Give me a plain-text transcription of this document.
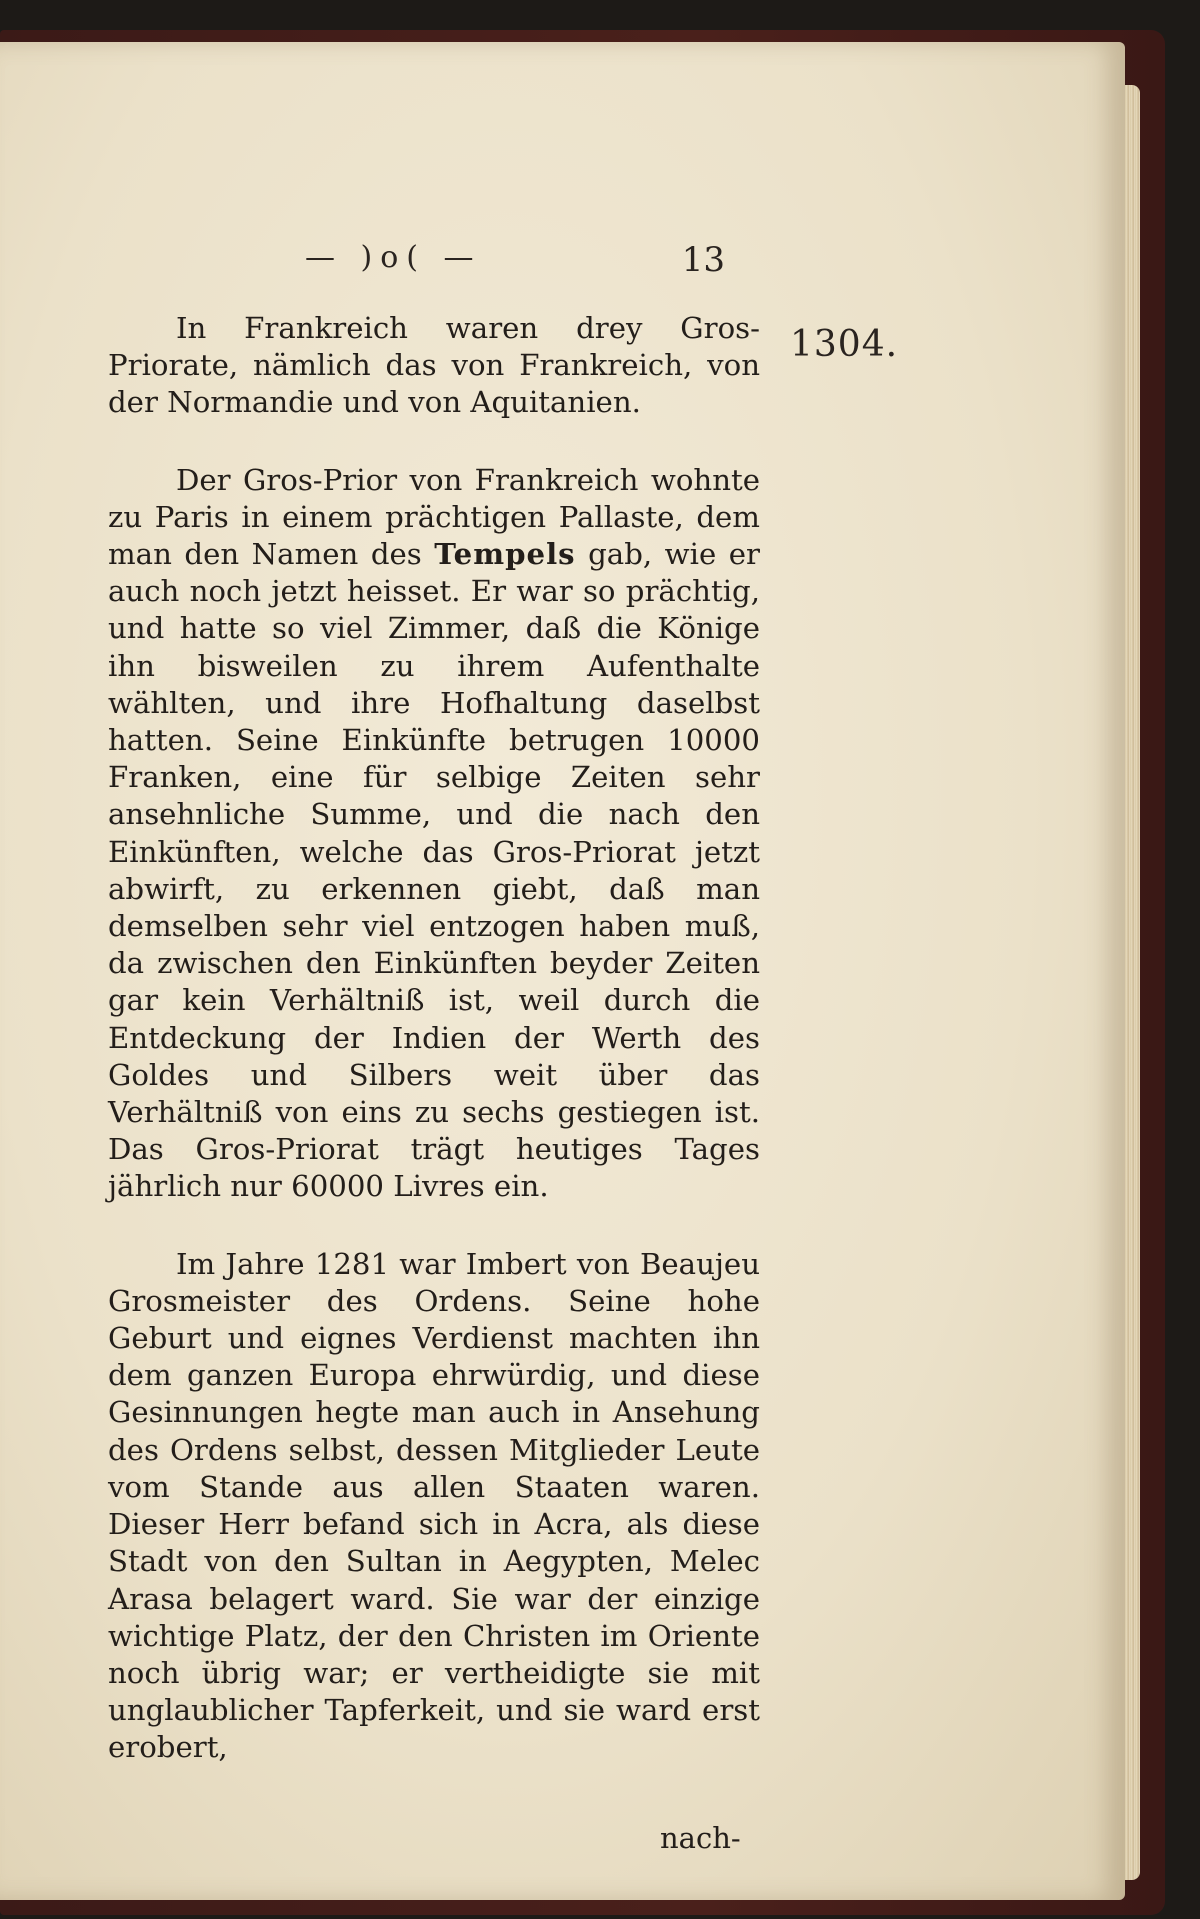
— )o( —	13
1304.

In Frankreich waren drey Gros-Priorate, nämlich das von Frankreich, von der Normandie und von Aquitanien.

Der Gros-Prior von Frankreich wohnte zu Paris in einem prächtigen Pallaste, dem man den Namen des Tempels gab, wie er auch noch jetzt heisset. Er war so prächtig, und hatte so viel Zimmer, daß die Könige ihn bisweilen zu ihrem Aufenthalte wählten, und ihre Hofhaltung daselbst hatten. Seine Einkünfte betrugen 10000 Franken, eine für selbige Zeiten sehr ansehnliche Summe, und die nach den Einkünften, welche das Gros-Priorat jetzt abwirft, zu erkennen giebt, daß man demselben sehr viel entzogen haben muß, da zwischen den Einkünften beyder Zeiten gar kein Verhältniß ist, weil durch die Entdeckung der Indien der Werth des Goldes und Silbers weit über das Verhältniß von eins zu sechs gestiegen ist. Das Gros-Priorat trägt heutiges Tages jährlich nur 60000 Livres ein.

Im Jahre 1281 war Imbert von Beaujeu Grosmeister des Ordens. Seine hohe Geburt und eignes Verdienst machten ihn dem ganzen Europa ehrwürdig, und diese Gesinnungen hegte man auch in Ansehung des Ordens selbst, dessen Mitglieder Leute vom Stande aus allen Staaten waren. Dieser Herr befand sich in Acra, als diese Stadt von den Sultan in Aegypten, Melec Arasa belagert ward. Sie war der einzige wichtige Platz, der den Christen im Oriente noch übrig war; er vertheidigte sie mit unglaublicher Tapferkeit, und sie ward erst erobert,

nach-
